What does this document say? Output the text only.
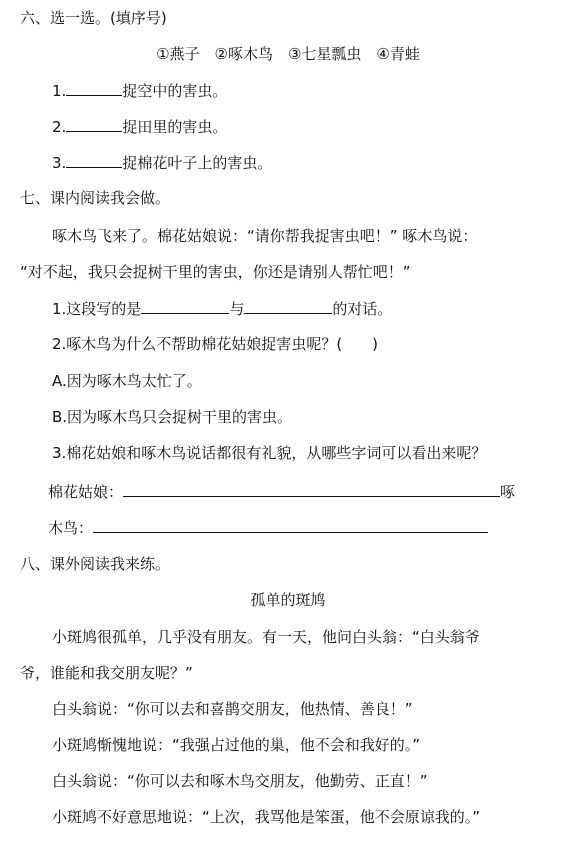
六、选一选。(填序号)
①燕子　②啄木鸟　③七星瓢虫　④青蛙
1.	捉空中的害虫。
2.	捉田里的害虫。
3.	捉棉花叶子上的害虫。
七、课内阅读我会做。
啄木鸟飞来了。棉花姑娘说：“请你帮我捉害虫吧！” 啄木鸟说：
“对不起，我只会捉树干里的害虫，你还是请别人帮忙吧！”
1.这段写的是	与	的对话。
2.啄木鸟为什么不帮助棉花姑娘捉害虫呢？(　　)
A.因为啄木鸟太忙了。
B.因为啄木鸟只会捉树干里的害虫。
3.棉花姑娘和啄木鸟说话都很有礼貌，从哪些字词可以看出来呢？
棉花姑娘：	啄
木鸟：
八、课外阅读我来练。
孤单的斑鸠
小斑鸠很孤单，几乎没有朋友。有一天，他问白头翁：“白头翁爷
爷，谁能和我交朋友呢？”
白头翁说：“你可以去和喜鹊交朋友，他热情、善良！”
小斑鸠惭愧地说：“我强占过他的巢，他不会和我好的。”
白头翁说：“你可以去和啄木鸟交朋友，他勤劳、正直！”
小斑鸠不好意思地说：“上次，我骂他是笨蛋，他不会原谅我的。”
